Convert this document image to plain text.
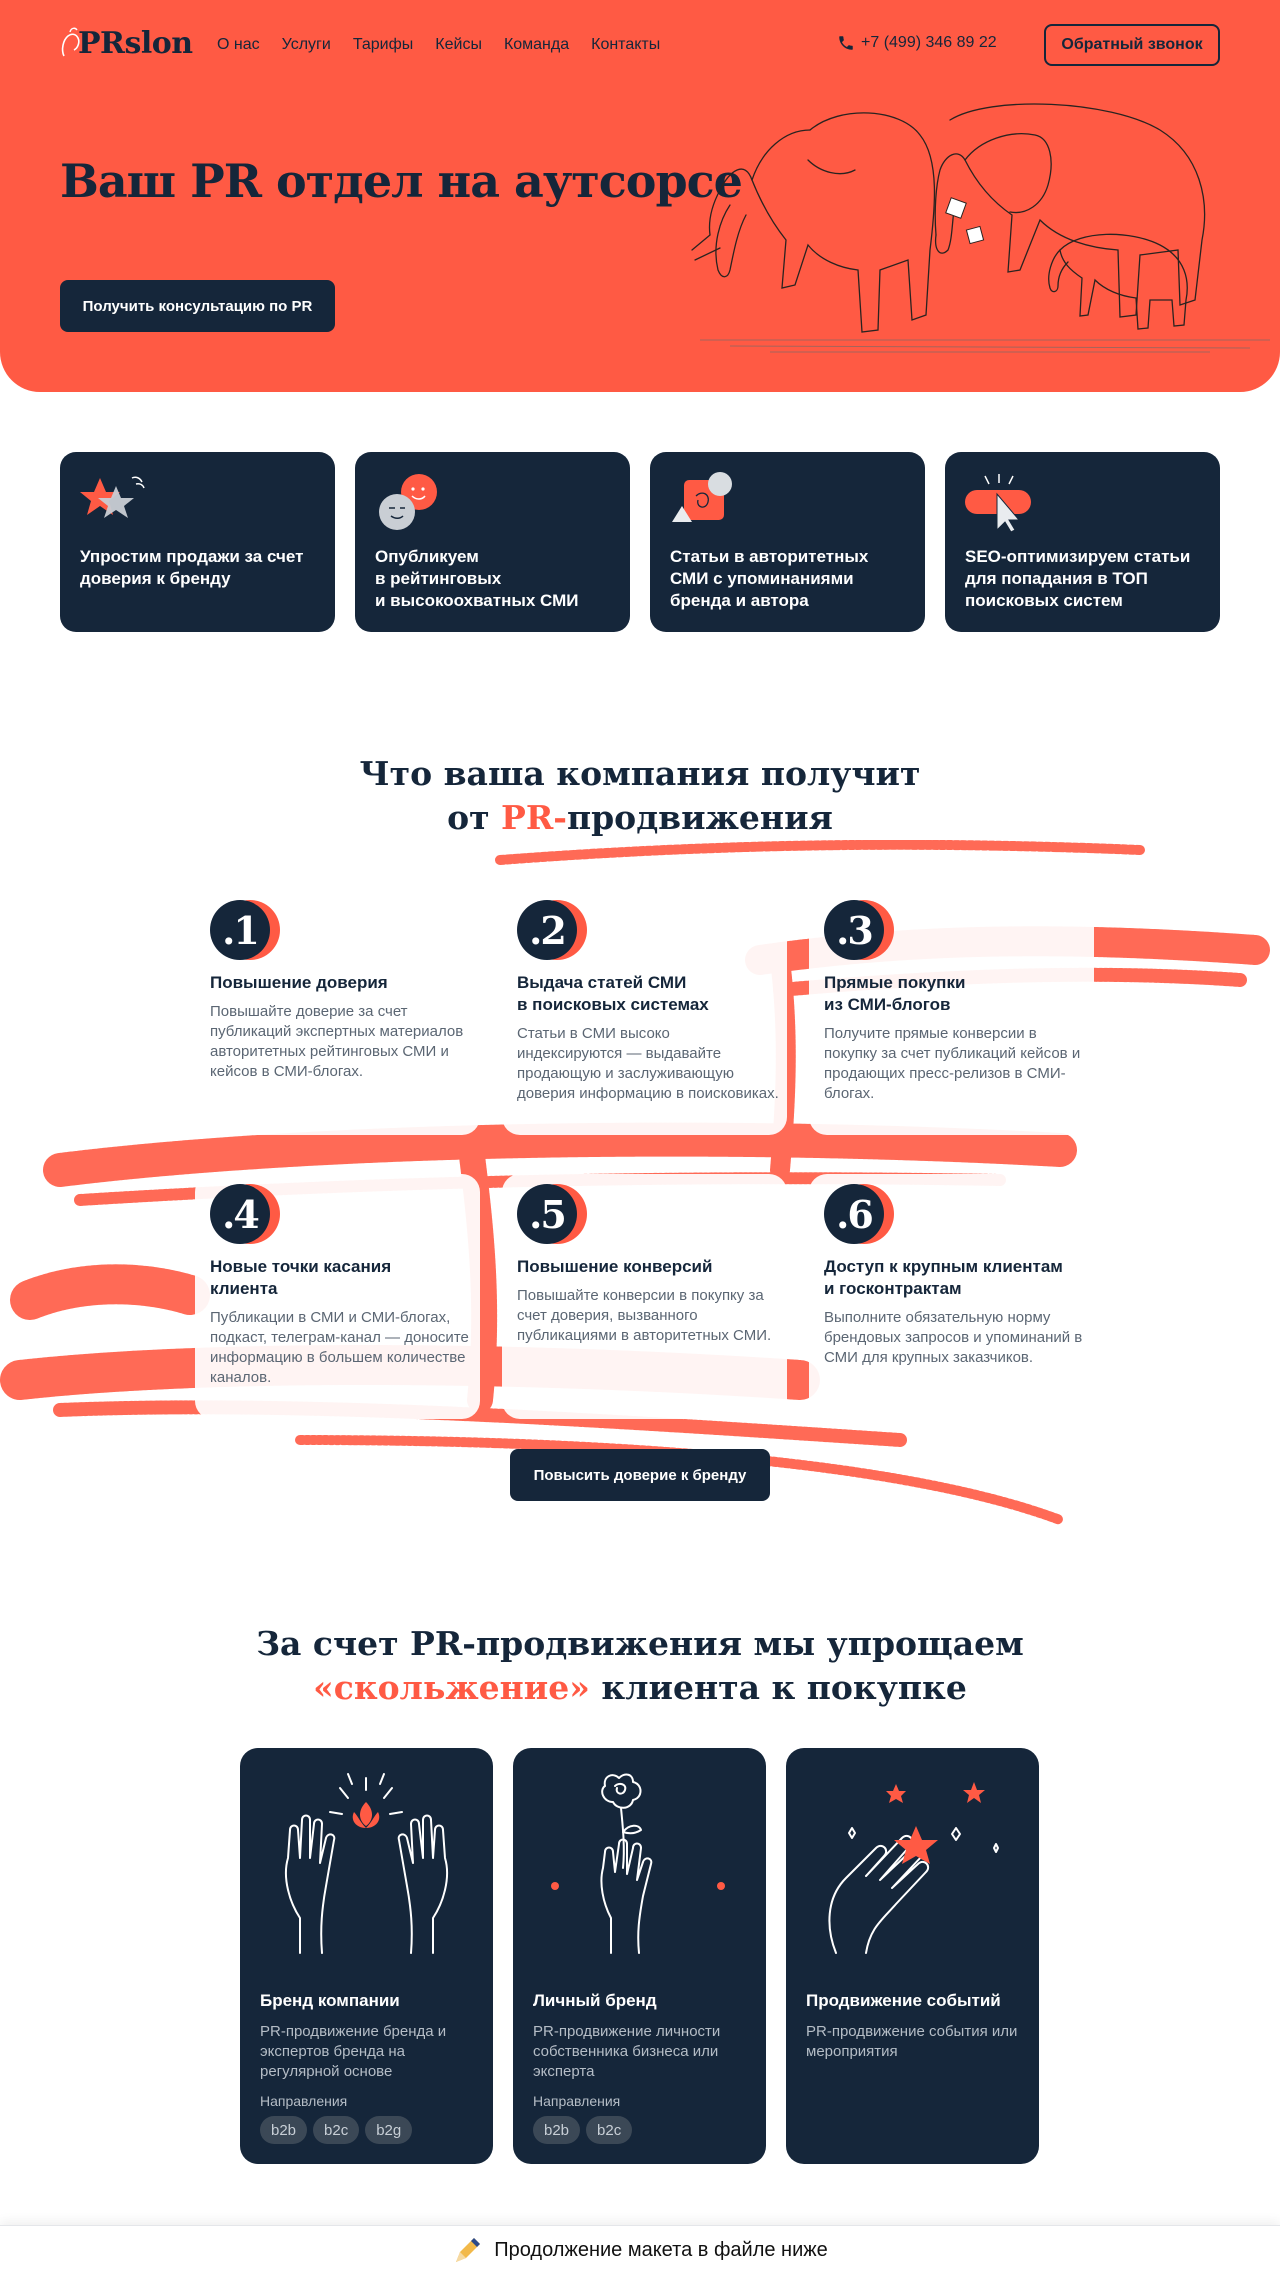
PRslon О нас Услуги Тарифы Кейсы Команда Контакты	+7 (499) 346 89 22	Обратный звонок
Ваш PR отдел на аутсорсе
Получить консультацию по PR
Упростим продажи за счет
доверия к бренду
Опубликуем
в рейтинговых
и высокоохватных СМИ
Статьи в авторитетных
СМИ с упоминаниями
бренда и автора
SEO-оптимизируем статьи
для попадания в ТОП
поисковых систем
Что ваша компания получит
от PR-продвижения
.1
Повышение доверия
Повышайте доверие за счет публикаций экспертных материалов авторитетных рейтинговых СМИ и кейсов в СМИ-блогах.
.2
Выдача статей СМИ
в поисковых системах
Статьи в СМИ высоко индексируются — выдавайте продающую и заслуживающую доверия информацию в поисковиках.
.3
Прямые покупки
из СМИ-блогов
Получите прямые конверсии в покупку за счет публикаций кейсов и продающих пресс-релизов в СМИ-блогах.
.4
Новые точки касания
клиента
Публикации в СМИ и СМИ-блогах, подкаст, телеграм-канал — доносите информацию в большем количестве каналов.
.5
Повышение конверсий
Повышайте конверсии в покупку за счет доверия, вызванного публикациями в авторитетных СМИ.
.6
Доступ к крупным клиентам
и госконтрактам
Выполните обязательную норму брендовых запросов и упоминаний в СМИ для крупных заказчиков.
Повысить доверие к бренду
За счет PR-продвижения мы упрощаем
«скольжение» клиента к покупке
Бренд компании
PR-продвижение бренда и экспертов бренда на регулярной основе
Направления
b2b	b2c	b2g
Личный бренд
PR-продвижение личности собственника бизнеса или эксперта
Направления
b2b	b2c
Продвижение событий
PR-продвижение события или мероприятия
Продолжение макета в файле ниже
